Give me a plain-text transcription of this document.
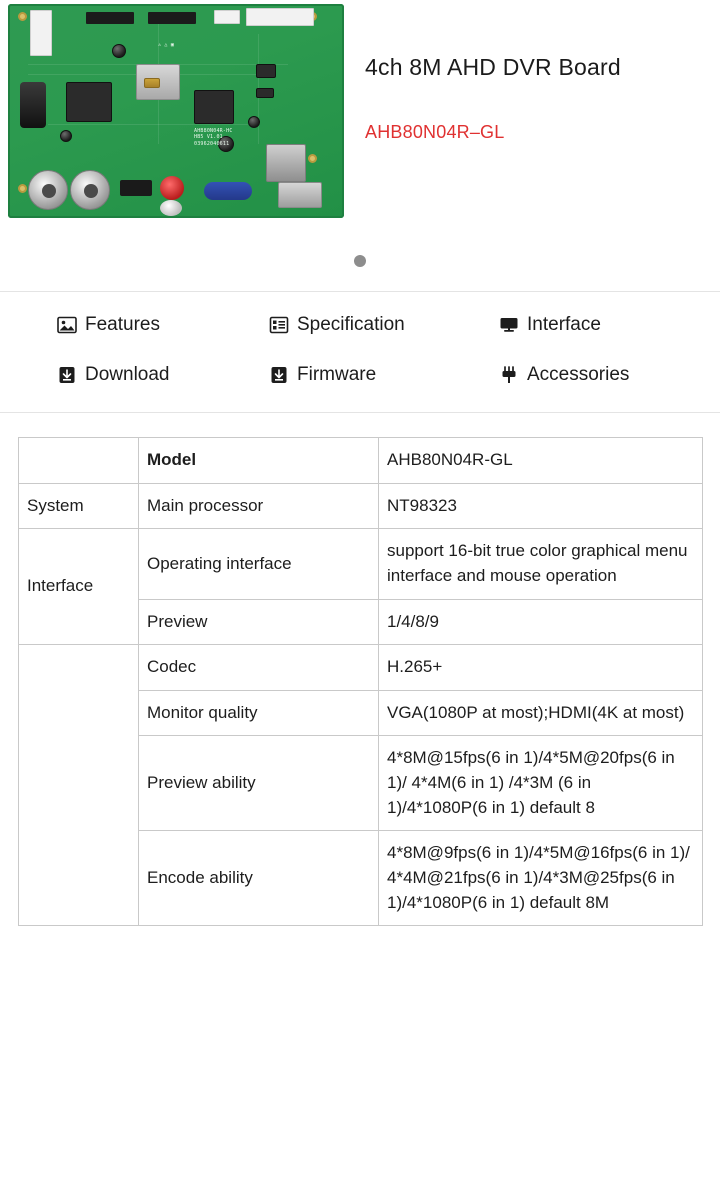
AHB80N04R-HC
HB5 V1.01
03962040611
⚠ △ ▣
4ch 8M AHD DVR Board
AHB80N04R–GL
Features	Specification	Interface
Download	Firmware	Accessories
	Model	AHB80N04R-GL
System	Main processor	NT98323
Interface	Operating interface	support 16-bit true color graphical menu interface and mouse operation
	Preview	1/4/8/9
	Codec	H.265+
	Monitor quality	VGA(1080P at most);HDMI(4K at most)
	Preview ability	4*8M@15fps(6 in 1)/4*5M@20fps(6 in 1)/ 4*4M(6 in 1) /4*3M (6 in 1)/4*1080P(6 in 1) default 8
	Encode ability	4*8M@9fps(6 in 1)/4*5M@16fps(6 in 1)/ 4*4M@21fps(6 in 1)/4*3M@25fps(6 in 1)/4*1080P(6 in 1) default 8M
